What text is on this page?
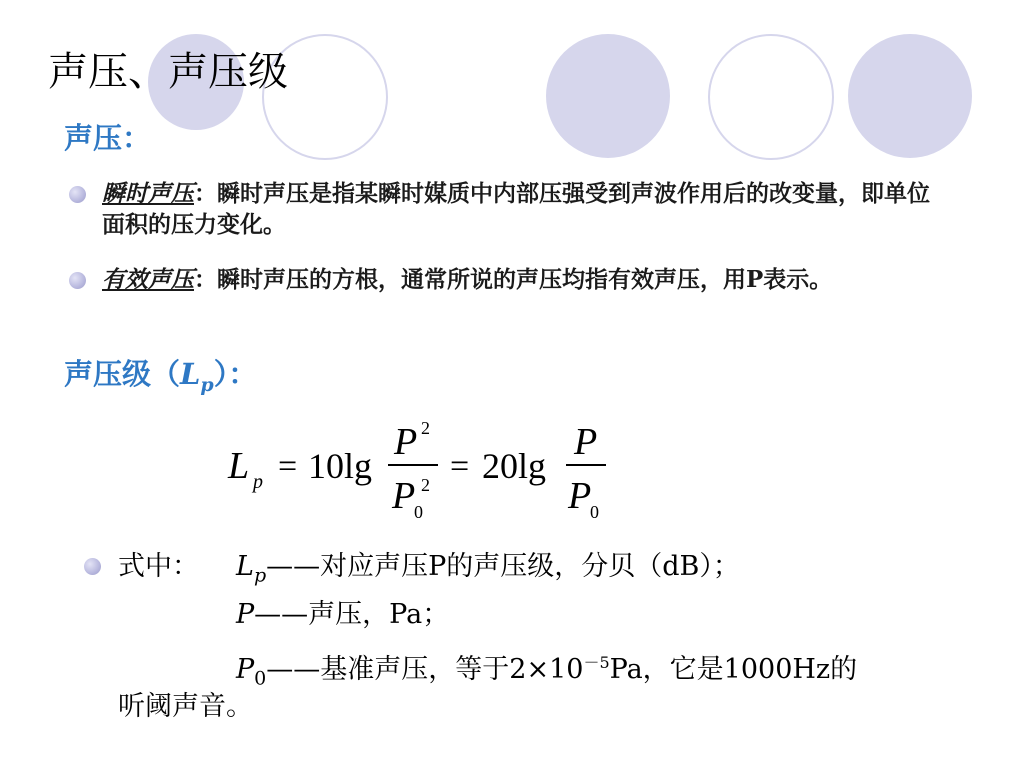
声压、声压级
声压：
瞬时声压：瞬时声压是指某瞬时媒质中内部压强受到声波作用后的改变量，即单位面积的压力变化。
有效声压：瞬时声压的方根，通常所说的声压均指有效声压，用P表示。
声压级$(L_p)$：
L p = 10lg
P 2
P
0
2 = 20lg
P
P
0
式中： $L_p——$对应声压P的声压级，分贝（dB）；
P——声压，Pa；
$P_0——$基准声压，等于$2\times 10^{-5}Pa$，它是1000Hz的
听阈声音。
